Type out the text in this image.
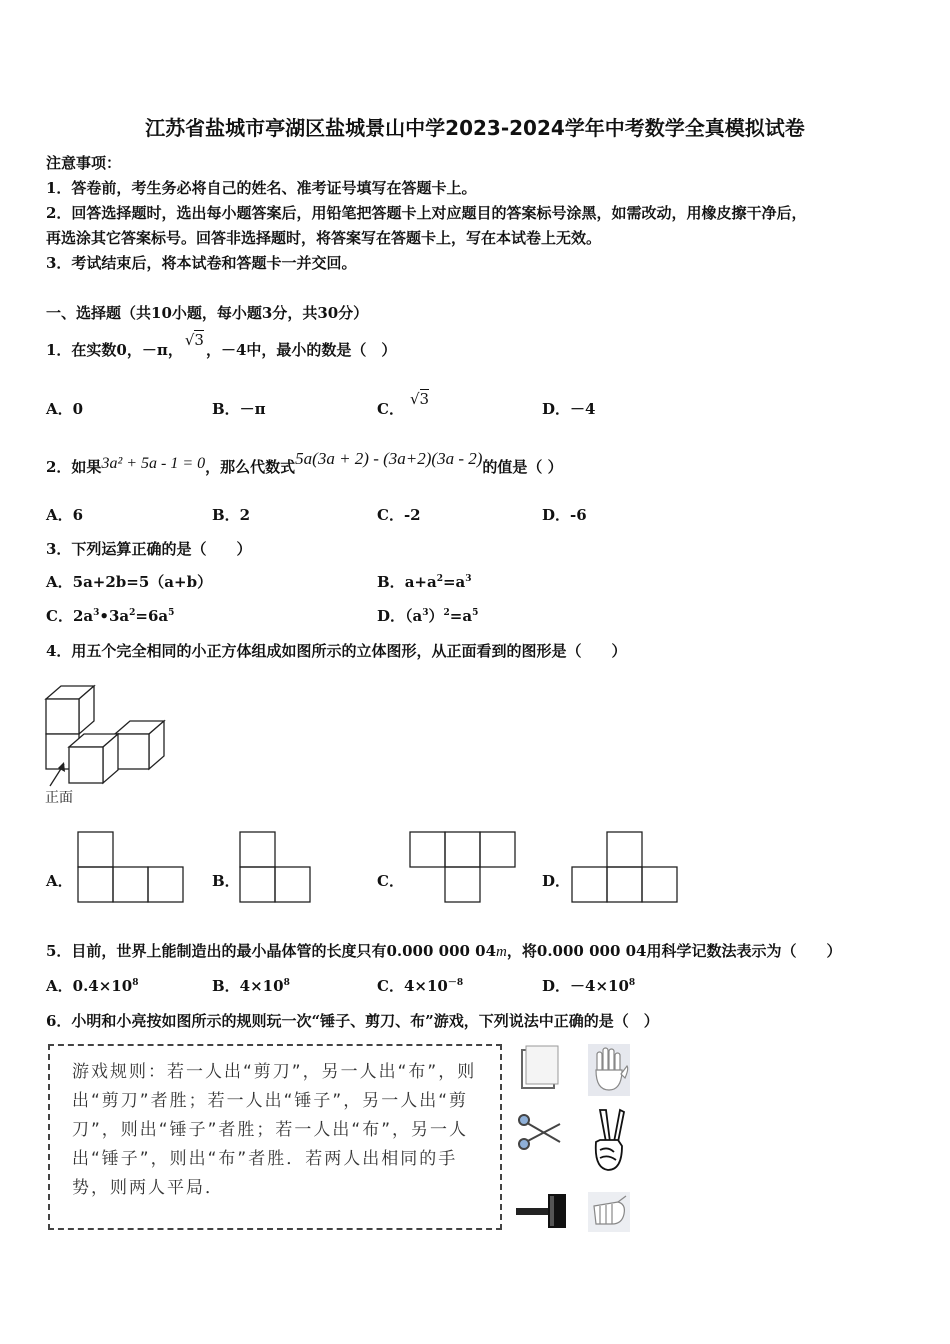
江苏省盐城市亭湖区盐城景山中学2023-2024学年中考数学全真模拟试卷
注意事项：
1．答卷前，考生务必将自己的姓名、准考证号填写在答题卡上。
2．回答选择题时，选出每小题答案后，用铅笔把答题卡上对应题目的答案标号涂黑，如需改动，用橡皮擦干净后，
再选涂其它答案标号。回答非选择题时，将答案写在答题卡上，写在本试卷上无效。
3．考试结束后，将本试卷和答题卡一并交回。
一、选择题（共10小题，每小题3分，共30分）
1．在实数0，－π，√3，－4中，最小的数是（　）
A．0	B．－π	C．√3
D．－4
2．如果3a² + 5a - 1 = 0，那么代数式5a(3a + 2) - (3a+2)(3a - 2)的值是（ ）
A．6	B．2	C．-2	D．-6
3．下列运算正确的是（　　）
A．5a+2b=5（a+b）	B．$a+a^2=a^3$
C．$2a^3•3a^2=6a^5$	D．$(a^3)^2=a^5$
4．用五个完全相同的小正方体组成如图所示的立体图形，从正面看到的图形是（　　）
正面
A．	B．	C．	D．
5．目前，世界上能制造出的最小晶体管的长度只有0.000 000 04m，将0.000 000 04用科学记数法表示为（　　）
A．$0.4\times 10^8$	B．$4\times 10^8$	C．$4\times 10^{-8}$	D．$-4\times 10^8$
6．小明和小亮按如图所示的规则玩一次“锤子、剪刀、布”游戏，下列说法中正确的是（　）
游戏规则：若一人出“剪刀”，另一人出“布”，则出“剪刀”者胜；若一人出“锤子”，另一人出“剪刀”，则出“锤子”者胜；若一人出“布”，另一人出“锤子”，则出“布”者胜．若两人出相同的手势，则两人平局．
